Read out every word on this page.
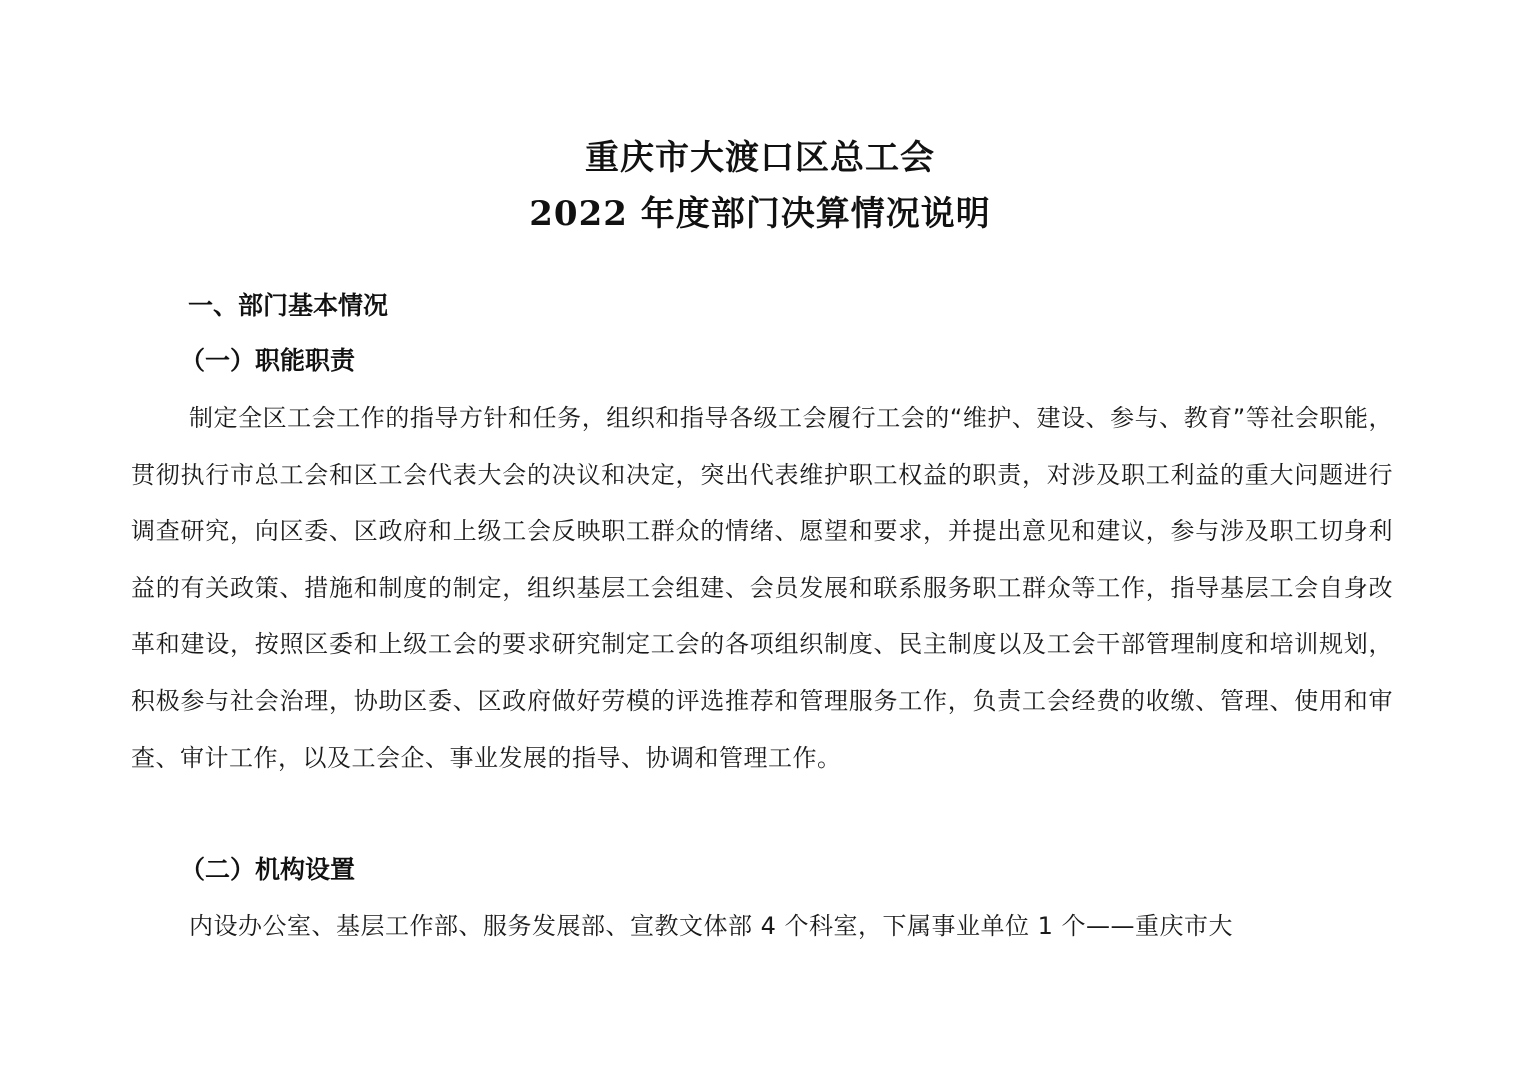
重庆市大渡口区总工会
2022 年度部门决算情况说明
一、部门基本情况
（一）职能职责

制定全区工会工作的指导方针和任务，组织和指导各级工会履行工会的“维护、建设、参与、教育”等社会职能，贯彻执行市总工会和区工会代表大会的决议和决定，突出代表维护职工权益的职责，对涉及职工利益的重大问题进行调查研究，向区委、区政府和上级工会反映职工群众的情绪、愿望和要求，并提出意见和建议，参与涉及职工切身利益的有关政策、措施和制度的制定，组织基层工会组建、会员发展和联系服务职工群众等工作，指导基层工会自身改革和建设，按照区委和上级工会的要求研究制定工会的各项组织制度、民主制度以及工会干部管理制度和培训规划，积极参与社会治理，协助区委、区政府做好劳模的评选推荐和管理服务工作，负责工会经费的收缴、管理、使用和审查、审计工作，以及工会企、事业发展的指导、协调和管理工作。

（二）机构设置

内设办公室、基层工作部、服务发展部、宣教文体部 4 个科室，下属事业单位 1 个——重庆市大
